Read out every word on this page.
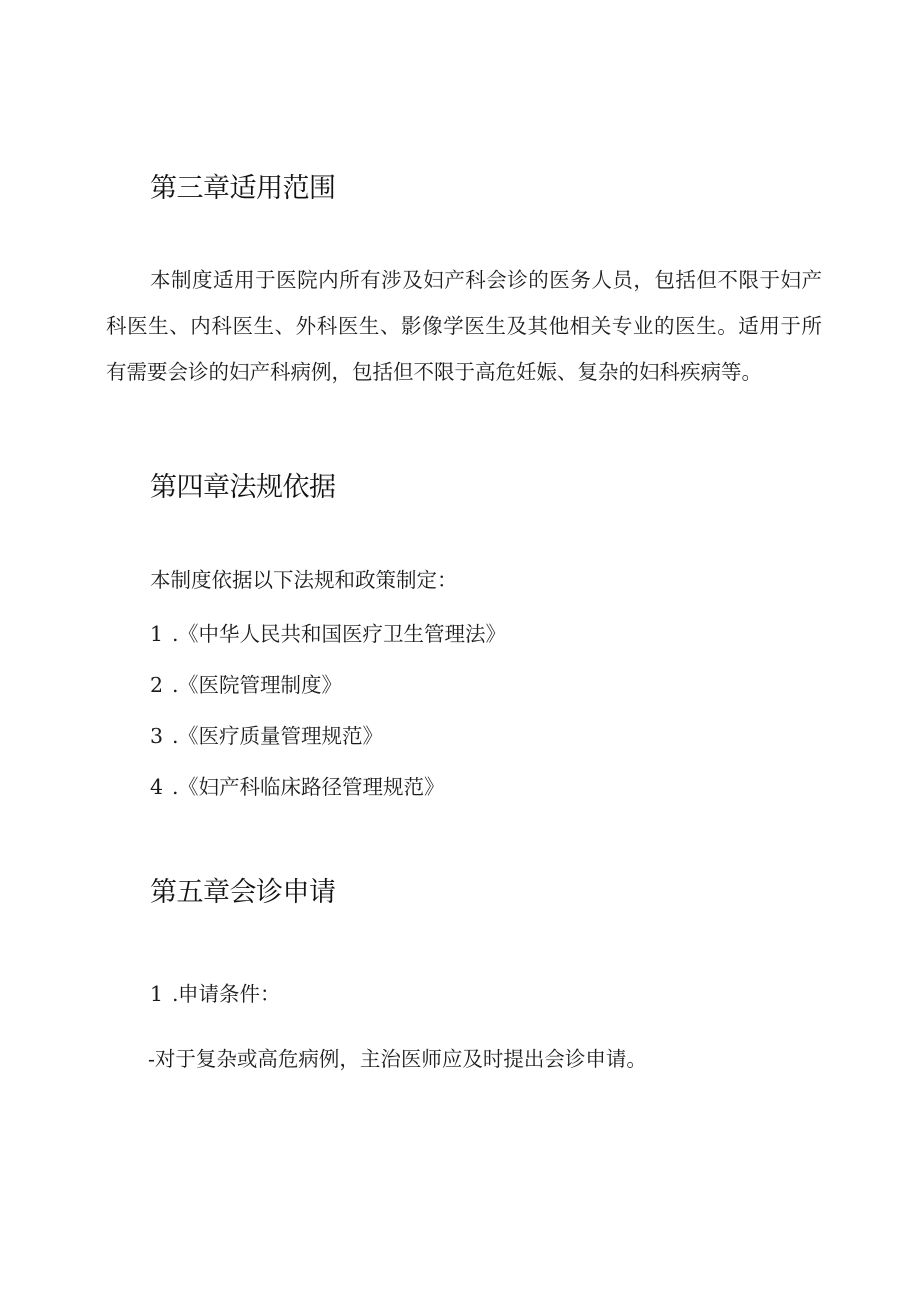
第三章适用范围

本制度适用于医院内所有涉及妇产科会诊的医务人员，包括但不限于妇产科医生、内科医生、外科医生、影像学医生及其他相关专业的医生。适用于所有需要会诊的妇产科病例，包括但不限于高危妊娠、复杂的妇科疾病等。

第四章法规依据

本制度依据以下法规和政策制定：

1 .《中华人民共和国医疗卫生管理法》

2 .《医院管理制度》

3 .《医疗质量管理规范》

4 .《妇产科临床路径管理规范》

第五章会诊申请

1 .申请条件：

-对于复杂或高危病例，主治医师应及时提出会诊申请。
